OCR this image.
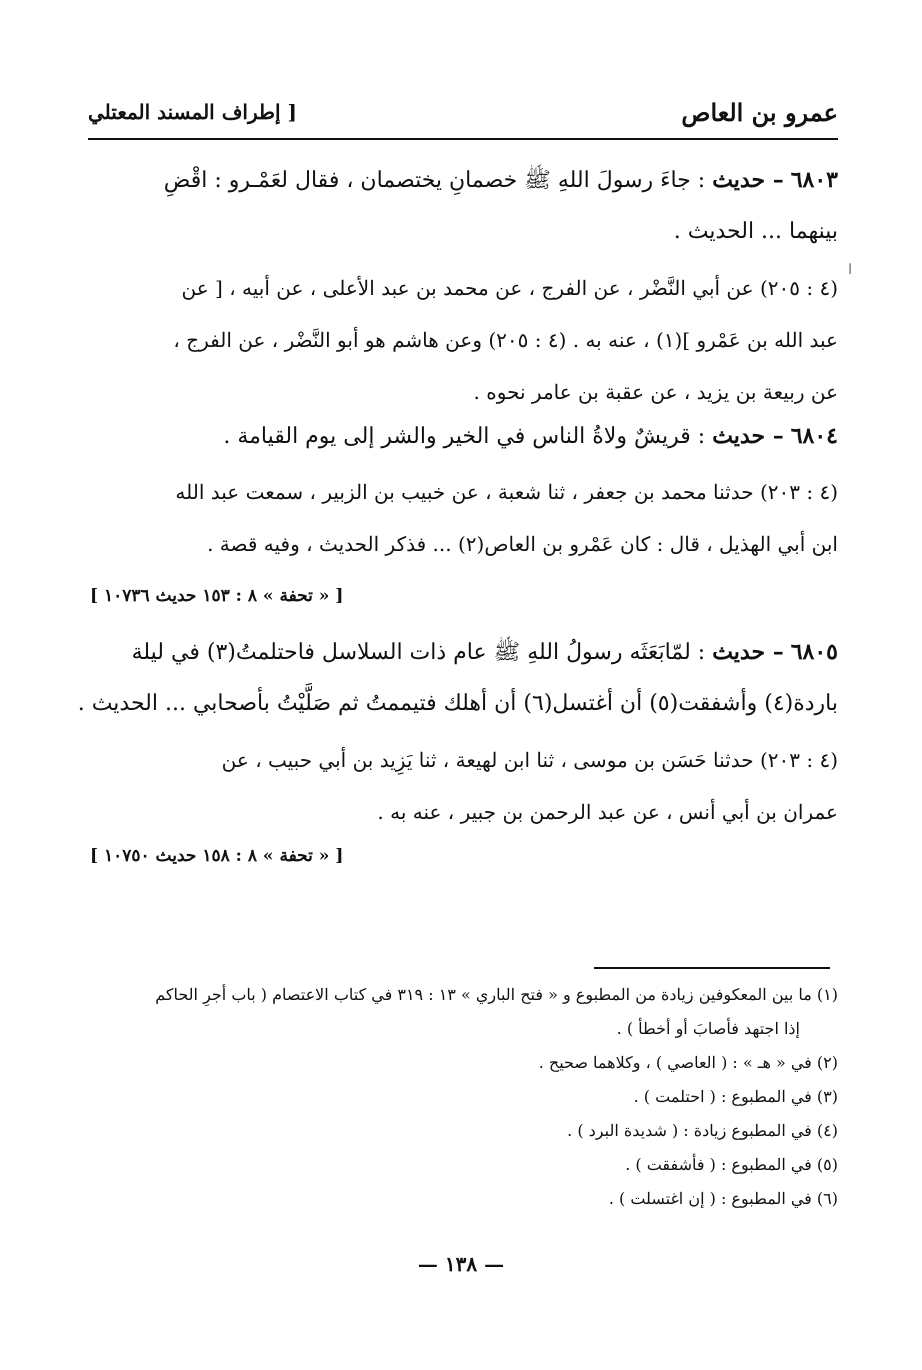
عمرو بن العاص
[ إطراف المسند المعتلي
ا
٦٨٠٣ – حديث : جاءَ رسولَ اللهِ ﷺ خصمانِ يختصمان ، فقال لعَمْـرو : اقْضِ
بينهما ... الحديث .
(٤ : ٢٠٥) عن أبي النَّضْر ، عن الفرج ، عن محمد بن عبد الأعلى ، عن أبيه ، [ عن
عبد الله بن عَمْرو ](١) ، عنه به . (٤ : ٢٠٥) وعن هاشم هو أبو النَّضْر ، عن الفرج ،
عن ربيعة بن يزيد ، عن عقبة بن عامر نحوه .
٦٨٠٤ – حديث : قريشٌ ولاةُ الناس في الخير والشر إلى يوم القيامة .
(٤ : ٢٠٣) حدثنا محمد بن جعفر ، ثنا شعبة ، عن خبيب بن الزبير ، سمعت عبد الله
ابن أبي الهذيل ، قال : كان عَمْرو بن العاص(٢) ... فذكر الحديث ، وفيه قصة .
[ « تحفة » ٨ : ١٥٣ حديث ١٠٧٣٦ ]
٦٨٠٥ – حديث : لمّابَعَثَه رسولُ اللهِ ﷺ عام ذات السلاسل فاحتلمتُ(٣) في ليلة
باردة(٤) وأشفقت(٥) أن أغتسل(٦) أن أهلك فتيممتُ ثم صَلَّيْتُ بأصحابي ... الحديث .
(٤ : ٢٠٣) حدثنا حَسَن بن موسى ، ثنا ابن لهيعة ، ثنا يَزِيد بن أبي حبيب ، عن
عمران بن أبي أنس ، عن عبد الرحمن بن جبير ، عنه به .
[ « تحفة » ٨ : ١٥٨ حديث ١٠٧٥٠ ]
(١) ما بين المعكوفين زيادة من المطبوع و « فتح الباري » ١٣ : ٣١٩ في كتاب الاعتصام ( باب أجرِ الحاكم
إذا اجتهد فأصابَ أو أخطأ ) .
(٢) في « هـ » : ( العاصي ) ، وكلاهما صحيح .
(٣) في المطبوع : ( احتلمت ) .
(٤) في المطبوع زيادة : ( شديدة البرد ) .
(٥) في المطبوع : ( فأشفقت ) .
(٦) في المطبوع : ( إن اغتسلت ) .
— ١٣٨ —
